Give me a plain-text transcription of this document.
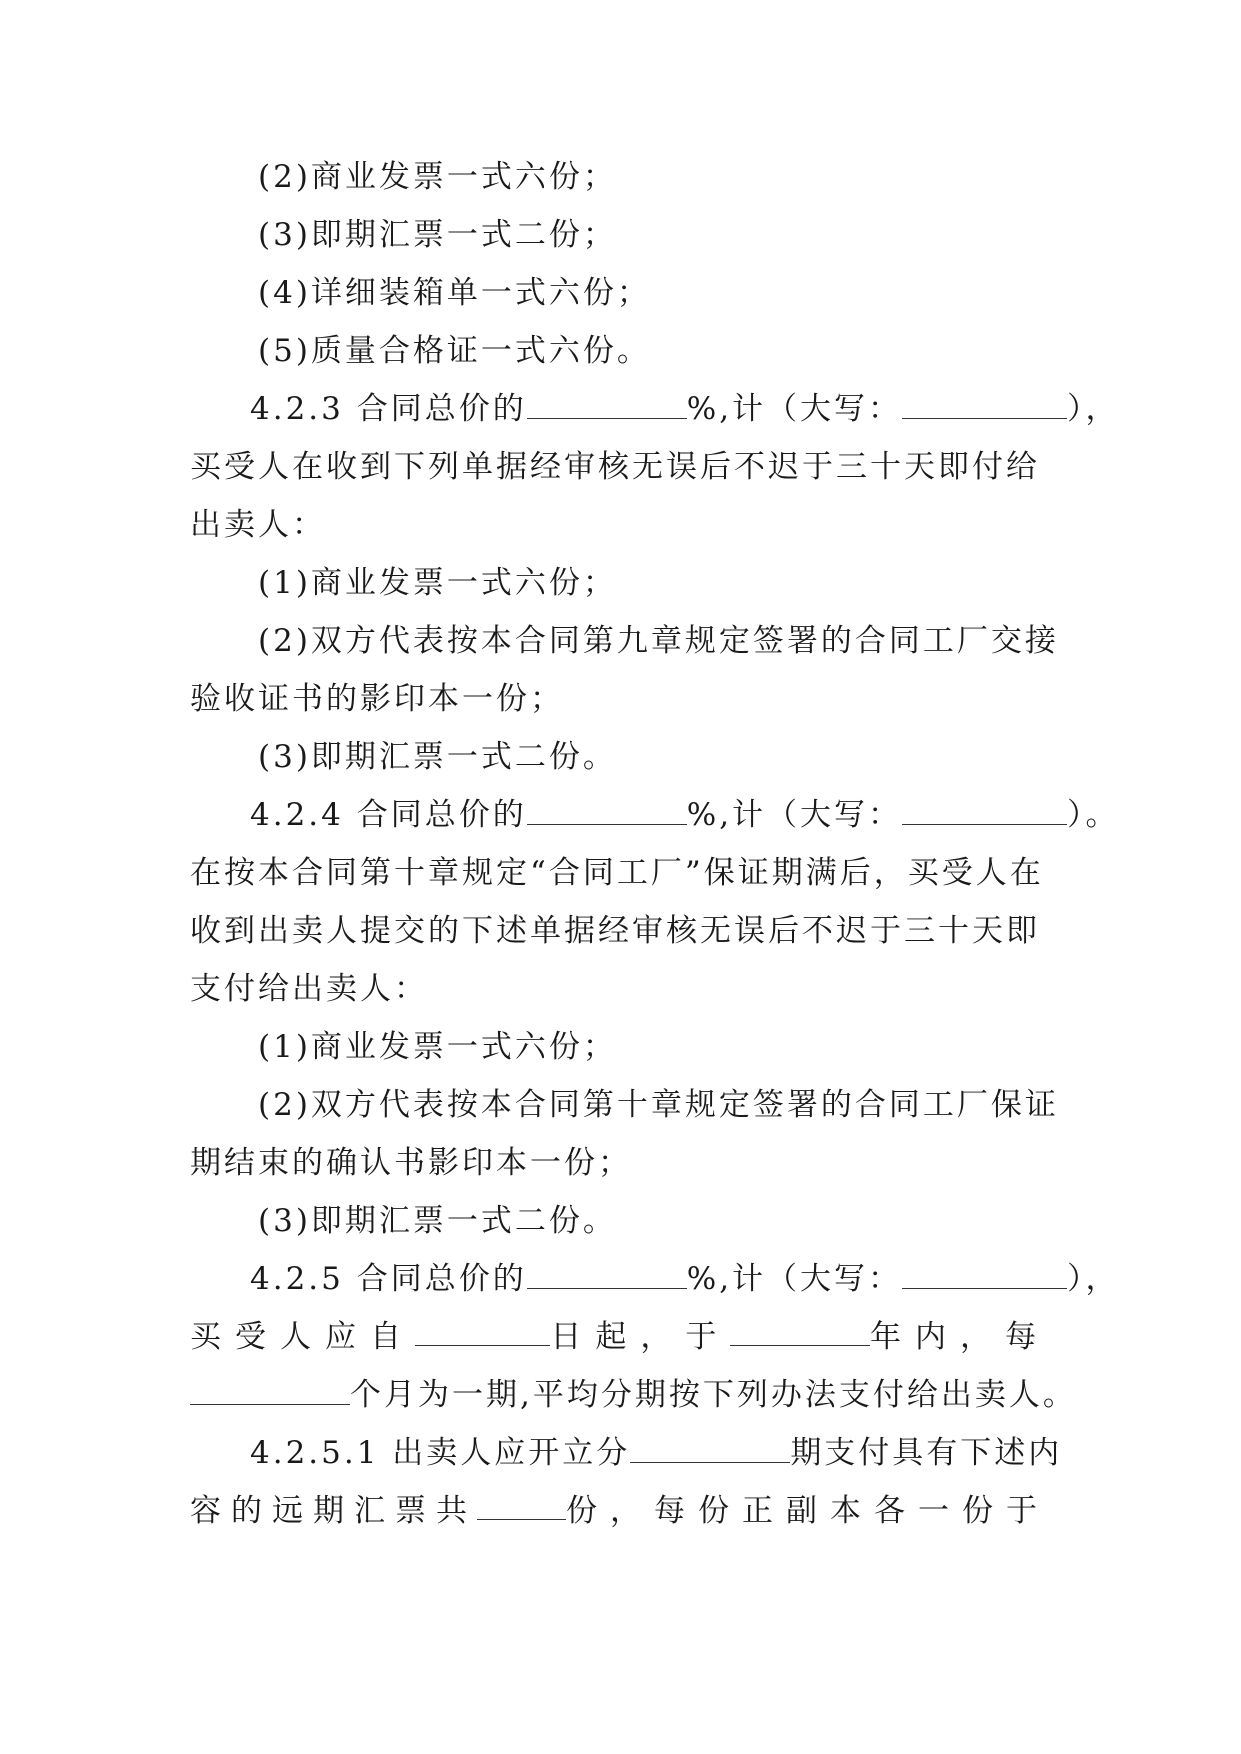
(2)商业发票一式六份；
(3)即期汇票一式二份；
(4)详细装箱单一式六份；
(5)质量合格证一式六份。
4.2.3 合同总价的	%,计（大写：	），
买受人在收到下列单据经审核无误后不迟于三十天即付给
出卖人：
(1)商业发票一式六份；
(2)双方代表按本合同第九章规定签署的合同工厂交接
验收证书的影印本一份；
(3)即期汇票一式二份。
4.2.4 合同总价的	%,计（大写：	）。
在按本合同第十章规定“合同工厂”保证期满后，买受人在
收到出卖人提交的下述单据经审核无误后不迟于三十天即
支付给出卖人：
(1)商业发票一式六份；
(2)双方代表按本合同第十章规定签署的合同工厂保证
期结束的确认书影印本一份；
(3)即期汇票一式二份。
4.2.5 合同总价的	%,计（大写：	），
买受人应自	日起，于	年内，每
个月为一期,平均分期按下列办法支付给出卖人。
4.2.5.1 出卖人应开立分	期支付具有下述内
容的远期汇票共	份，每份正副本各一份于
